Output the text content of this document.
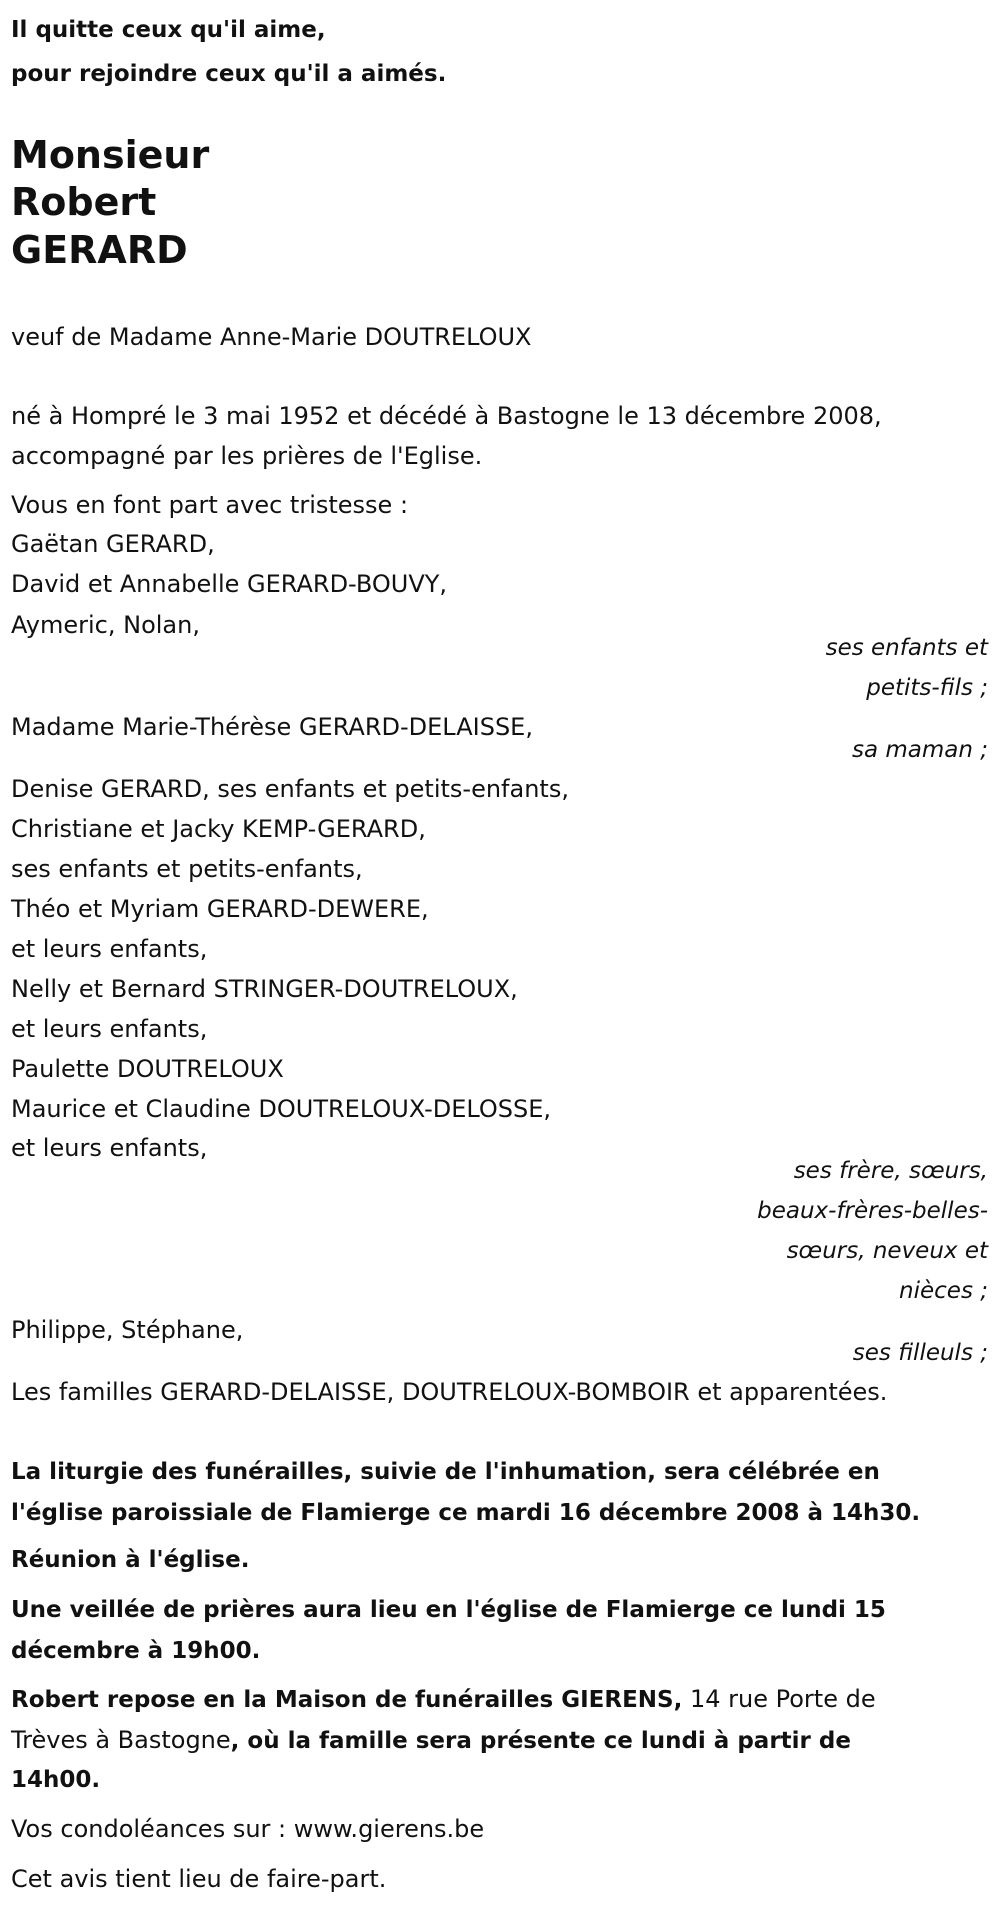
Il quitte ceux qu'il aime,
pour rejoindre ceux qu'il a aimés.
Monsieur
Robert
GERARD
veuf de Madame Anne-Marie DOUTRELOUX
né à Hompré le 3 mai 1952 et décédé à Bastogne le 13 décembre 2008,
accompagné par les prières de l'Eglise.
Vous en font part avec tristesse :
Gaëtan GERARD,
David et Annabelle GERARD-BOUVY,
Aymeric, Nolan,
ses enfants et
petits-fils ;
Madame Marie-Thérèse GERARD-DELAISSE,
sa maman ;
Denise GERARD, ses enfants et petits-enfants,
Christiane et Jacky KEMP-GERARD,
ses enfants et petits-enfants,
Théo et Myriam GERARD-DEWERE,
et leurs enfants,
Nelly et Bernard STRINGER-DOUTRELOUX,
et leurs enfants,
Paulette DOUTRELOUX
Maurice et Claudine DOUTRELOUX-DELOSSE,
et leurs enfants,
ses frère, sœurs,
beaux-frères-belles-
sœurs, neveux et
nièces ;
Philippe, Stéphane,
ses filleuls ;
Les familles GERARD-DELAISSE, DOUTRELOUX-BOMBOIR et apparentées.
La liturgie des funérailles, suivie de l'inhumation, sera célébrée en
l'église paroissiale de Flamierge ce mardi 16 décembre 2008 à 14h30.
Réunion à l'église.
Une veillée de prières aura lieu en l'église de Flamierge ce lundi 15
décembre à 19h00.
Robert repose en la Maison de funérailles GIERENS, 14 rue Porte de
Trèves à Bastogne, où la famille sera présente ce lundi à partir de
14h00.
Vos condoléances sur : www.gierens.be
Cet avis tient lieu de faire-part.
